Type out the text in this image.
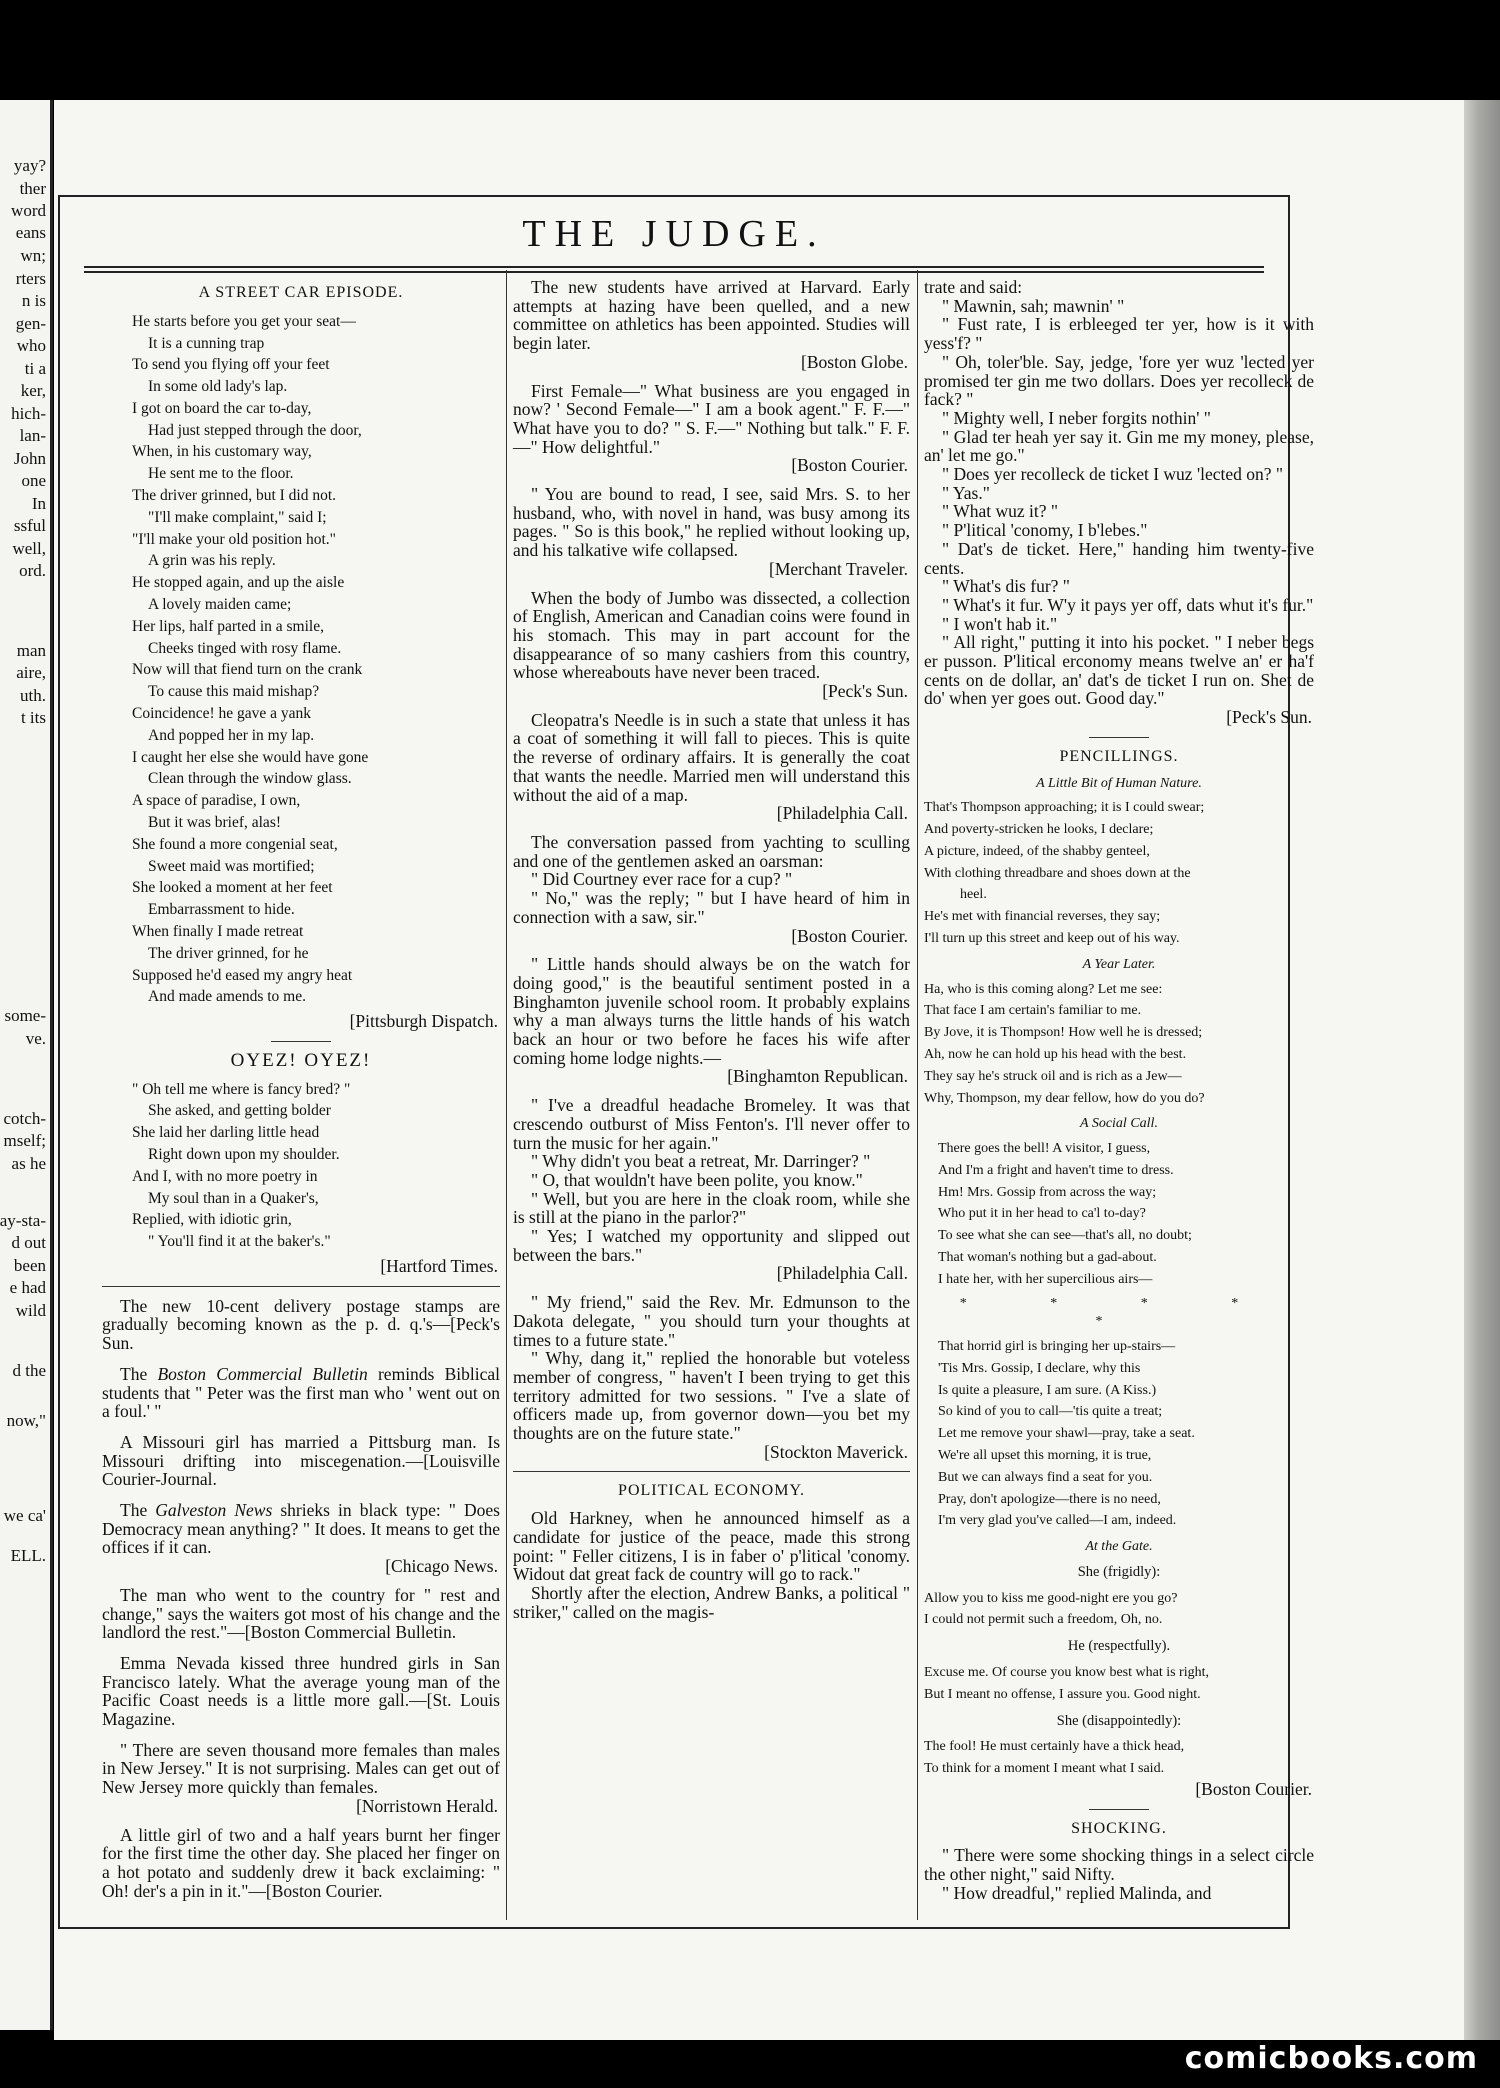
yay?
ther
word
eans
wn;
rters
n is
gen-
who
ti a
ker,
hich-
lan-
John
one
In
ssful
well,
ord.
man
aire,
uth.
t its
some-
ve.
cotch-
mself;
as he
ay-sta-
d out
been
e had
wild
d the
now,"
we ca'
ELL.
THE JUDGE.
A STREET CAR EPISODE.
He starts before you get your seat—
It is a cunning trap
To send you flying off your feet
In some old lady's lap.
I got on board the car to-day,
Had just stepped through the door,
When, in his customary way,
He sent me to the floor.
The driver grinned, but I did not.
"I'll make complaint," said I;
"I'll make your old position hot."
A grin was his reply.
He stopped again, and up the aisle
A lovely maiden came;
Her lips, half parted in a smile,
Cheeks tinged with rosy flame.
Now will that fiend turn on the crank
To cause this maid mishap?
Coincidence! he gave a yank
And popped her in my lap.
I caught her else she would have gone
Clean through the window glass.
A space of paradise, I own,
But it was brief, alas!
She found a more congenial seat,
Sweet maid was mortified;
She looked a moment at her feet
Embarrassment to hide.
When finally I made retreat
The driver grinned, for he
Supposed he'd eased my angry heat
And made amends to me.
[Pittsburgh Dispatch.
OYEZ! OYEZ!
" Oh tell me where is fancy bred? "
She asked, and getting bolder
She laid her darling little head
Right down upon my shoulder.
And I, with no more poetry in
My soul than in a Quaker's,
Replied, with idiotic grin,
" You'll find it at the baker's."
[Hartford Times.

The new 10-cent delivery postage stamps are gradually becoming known as the p. d. q.'s—[Peck's Sun.

The Boston Commercial Bulletin reminds Biblical students that " Peter was the first man who ' went out on a foul.' "

A Missouri girl has married a Pittsburg man. Is Missouri drifting into miscegenation.—[Louisville Courier-Journal.

The Galveston News shrieks in black type: " Does Democracy mean anything? " It does. It means to get the offices if it can.

[Chicago News.

The man who went to the country for " rest and change," says the waiters got most of his change and the landlord the rest."—[Boston Commercial Bulletin.

Emma Nevada kissed three hundred girls in San Francisco lately. What the average young man of the Pacific Coast needs is a little more gall.—[St. Louis Magazine.

" There are seven thousand more females than males in New Jersey." It is not surprising. Males can get out of New Jersey more quickly than females.

[Norristown Herald.

A little girl of two and a half years burnt her finger for the first time the other day. She placed her finger on a hot potato and suddenly drew it back exclaiming: " Oh! der's a pin in it."—[Boston Courier.

The new students have arrived at Harvard. Early attempts at hazing have been quelled, and a new committee on athletics has been appointed. Studies will begin later.

[Boston Globe.

First Female—" What business are you engaged in now? ' Second Female—" I am a book agent." F. F.—" What have you to do? " S. F.—" Nothing but talk." F. F.—" How delightful."

[Boston Courier.

" You are bound to read, I see, said Mrs. S. to her husband, who, with novel in hand, was busy among its pages. " So is this book," he replied without looking up, and his talkative wife collapsed.

[Merchant Traveler.

When the body of Jumbo was dissected, a collection of English, American and Canadian coins were found in his stomach. This may in part account for the disappearance of so many cashiers from this country, whose whereabouts have never been traced.

[Peck's Sun.

Cleopatra's Needle is in such a state that unless it has a coat of something it will fall to pieces. This is quite the reverse of ordinary affairs. It is generally the coat that wants the needle. Married men will understand this without the aid of a map.

[Philadelphia Call.

The conversation passed from yachting to sculling and one of the gentlemen asked an oarsman:

" Did Courtney ever race for a cup? "

" No," was the reply; " but I have heard of him in connection with a saw, sir."

[Boston Courier.

" Little hands should always be on the watch for doing good," is the beautiful sentiment posted in a Binghamton juvenile school room. It probably explains why a man always turns the little hands of his watch back an hour or two before he faces his wife after coming home lodge nights.—

[Binghamton Republican.

" I've a dreadful headache Bromeley. It was that crescendo outburst of Miss Fenton's. I'll never offer to turn the music for her again."

" Why didn't you beat a retreat, Mr. Darringer? "

" O, that wouldn't have been polite, you know."

" Well, but you are here in the cloak room, while she is still at the piano in the parlor?"

" Yes; I watched my opportunity and slipped out between the bars."

[Philadelphia Call.

" My friend," said the Rev. Mr. Edmunson to the Dakota delegate, " you should turn your thoughts at times to a future state."

" Why, dang it," replied the honorable but voteless member of congress, " haven't I been trying to get this territory admitted for two sessions. " I've a slate of officers made up, from governor down—you bet my thoughts are on the future state."

[Stockton Maverick.
POLITICAL ECONOMY.

Old Harkney, when he announced himself as a candidate for justice of the peace, made this strong point: " Feller citizens, I is in faber o' p'litical 'conomy. Widout dat great fack de country will go to rack."

Shortly after the election, Andrew Banks, a political " striker," called on the magis-

trate and said:

" Mawnin, sah; mawnin' "

" Fust rate, I is erbleeged ter yer, how is it with yess'f? "

" Oh, toler'ble. Say, jedge, 'fore yer wuz 'lected yer promised ter gin me two dollars. Does yer recolleck de fack? "

" Mighty well, I neber forgits nothin' "

" Glad ter heah yer say it. Gin me my money, please, an' let me go."

" Does yer recolleck de ticket I wuz 'lected on? "

" Yas."

" What wuz it? "

" P'litical 'conomy, I b'lebes."

" Dat's de ticket. Here," handing him twenty-five cents.

" What's dis fur? "

" What's it fur. W'y it pays yer off, dats whut it's fur."

" I won't hab it."

" All right," putting it into his pocket. " I neber begs er pusson. P'litical erconomy means twelve an' er ha'f cents on de dollar, an' dat's de ticket I run on. Shet de do' when yer goes out. Good day."

[Peck's Sun.
PENCILLINGS.
A Little Bit of Human Nature.
That's Thompson approaching; it is I could swear;
And poverty-stricken he looks, I declare;
A picture, indeed, of the shabby genteel,
With clothing threadbare and shoes down at the
heel.
He's met with financial reverses, they say;
I'll turn up this street and keep out of his way.
A Year Later.
Ha, who is this coming along? Let me see:
That face I am certain's familiar to me.
By Jove, it is Thompson! How well he is dressed;
Ah, now he can hold up his head with the best.
They say he's struck oil and is rich as a Jew—
Why, Thompson, my dear fellow, how do you do?
A Social Call.
There goes the bell! A visitor, I guess,
And I'm a fright and haven't time to dress.
Hm! Mrs. Gossip from across the way;
Who put it in her head to ca'l to-day?
To see what she can see—that's all, no doubt;
That woman's nothing but a gad-about.
I hate her, with her supercilious airs—
* * * * *
That horrid girl is bringing her up-stairs—
'Tis Mrs. Gossip, I declare, why this
Is quite a pleasure, I am sure. (A Kiss.)
So kind of you to call—'tis quite a treat;
Let me remove your shawl—pray, take a seat.
We're all upset this morning, it is true,
But we can always find a seat for you.
Pray, don't apologize—there is no need,
I'm very glad you've called—I am, indeed.
At the Gate.
She (frigidly):
Allow you to kiss me good-night ere you go?
I could not permit such a freedom, Oh, no.
He (respectfully).
Excuse me. Of course you know best what is right,
But I meant no offense, I assure you. Good night.
She (disappointedly):
The fool! He must certainly have a thick head,
To think for a moment I meant what I said.
[Boston Courier.
SHOCKING.

" There were some shocking things in a select circle the other night," said Nifty.

" How dreadful," replied Malinda, and

comicbooks.com
